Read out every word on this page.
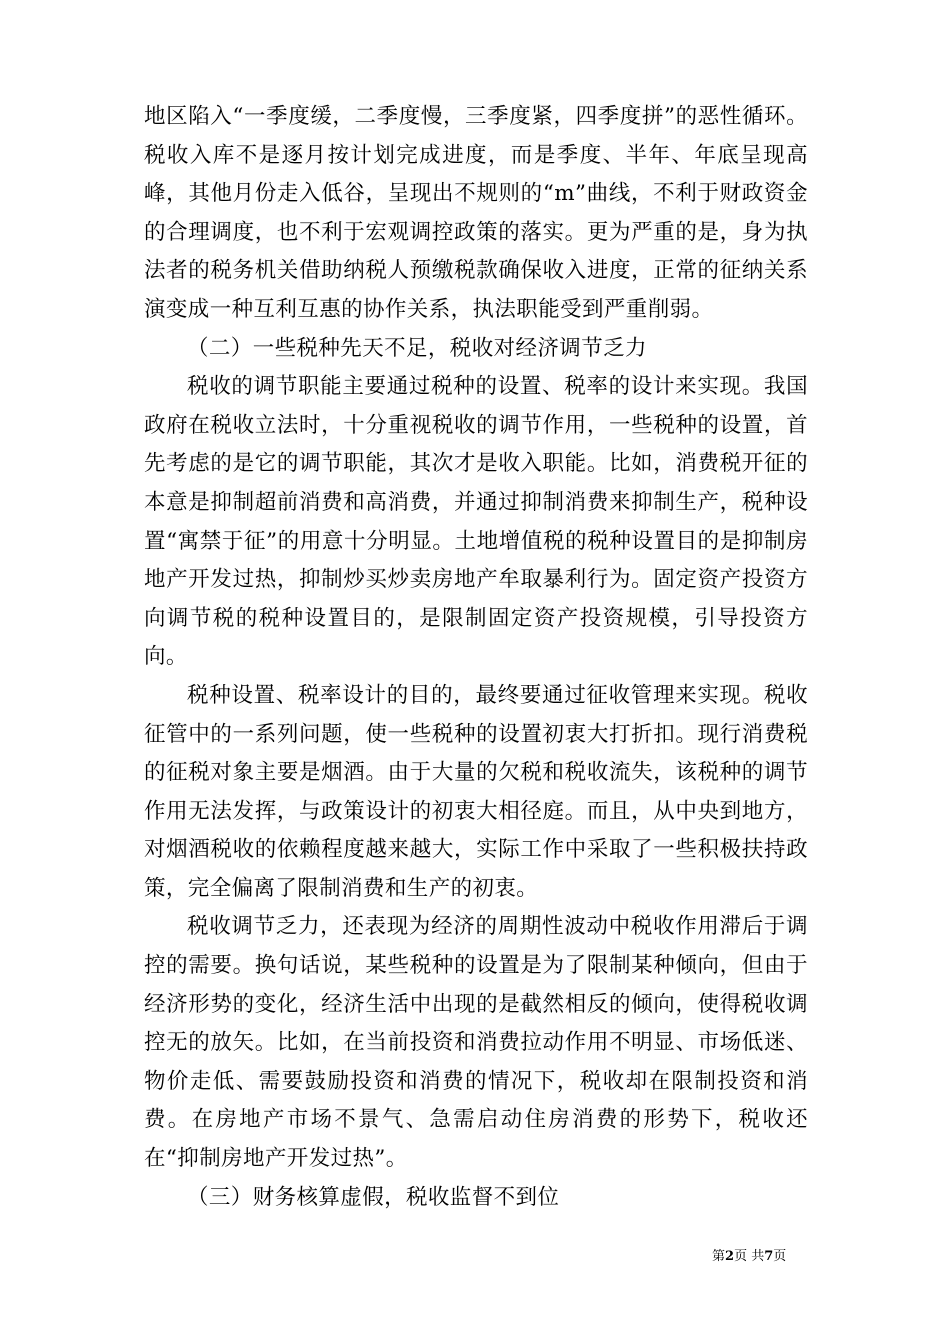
地区陷入“一季度缓，二季度慢，三季度紧，四季度拼”的恶性循环。税收入库不是逐月按计划完成进度，而是季度、半年、年底呈现高峰，其他月份走入低谷，呈现出不规则的“m”曲线，不利于财政资金的合理调度，也不利于宏观调控政策的落实。更为严重的是，身为执法者的税务机关借助纳税人预缴税款确保收入进度，正常的征纳关系演变成一种互利互惠的协作关系，执法职能受到严重削弱。

（二）一些税种先天不足，税收对经济调节乏力

税收的调节职能主要通过税种的设置、税率的设计来实现。我国政府在税收立法时，十分重视税收的调节作用，一些税种的设置，首先考虑的是它的调节职能，其次才是收入职能。比如，消费税开征的本意是抑制超前消费和高消费，并通过抑制消费来抑制生产，税种设置“寓禁于征”的用意十分明显。土地增值税的税种设置目的是抑制房地产开发过热，抑制炒买炒卖房地产牟取暴利行为。固定资产投资方向调节税的税种设置目的，是限制固定资产投资规模，引导投资方向。

税种设置、税率设计的目的，最终要通过征收管理来实现。税收征管中的一系列问题，使一些税种的设置初衷大打折扣。现行消费税的征税对象主要是烟酒。由于大量的欠税和税收流失，该税种的调节作用无法发挥，与政策设计的初衷大相径庭。而且，从中央到地方，对烟酒税收的依赖程度越来越大，实际工作中采取了一些积极扶持政策，完全偏离了限制消费和生产的初衷。

税收调节乏力，还表现为经济的周期性波动中税收作用滞后于调控的需要。换句话说，某些税种的设置是为了限制某种倾向，但由于经济形势的变化，经济生活中出现的是截然相反的倾向，使得税收调控无的放矢。比如，在当前投资和消费拉动作用不明显、市场低迷、物价走低、需要鼓励投资和消费的情况下，税收却在限制投资和消费。在房地产市场不景气、急需启动住房消费的形势下，税收还在“抑制房地产开发过热”。

（三）财务核算虚假，税收监督不到位

第2页 共7页
